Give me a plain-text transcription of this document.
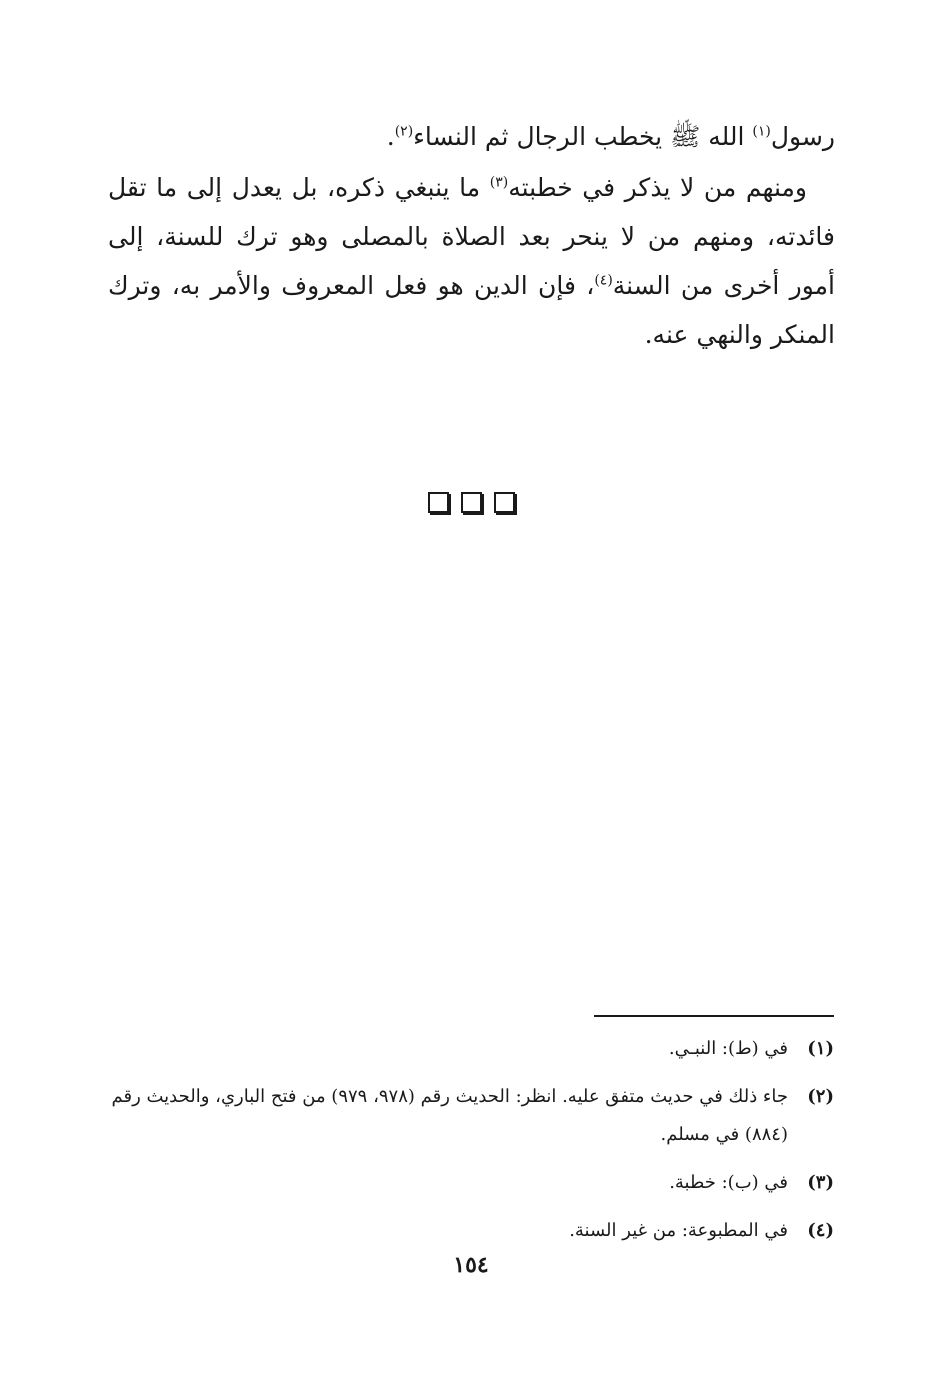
رسول$^{(١)}$ الله ﷺ يخطب الرجال ثم النساء$^{(٢)}$.

ومنهم من لا يذكر في خطبته$^{(٣)}$ ما ينبغي ذكره، بل يعدل إلى ما تقل فائدته، ومنهم من لا ينحر بعد الصلاة بالمصلى وهو ترك للسنة، إلى أمور أخرى من السنة$^{(٤)}$، فإن الدين هو فعل المعروف والأمر به، وترك المنكر والنهي عنه.

(١)
في (ط): النبـي.
(٢)
جاء ذلك في حديث متفق عليه. انظر: الحديث رقم (٩٧٨، ٩٧٩) من فتح الباري، والحديث رقم (٨٨٤) في مسلم.
(٣)
في (ب): خطبة.
(٤)
في المطبوعة: من غير السنة.
١٥٤
